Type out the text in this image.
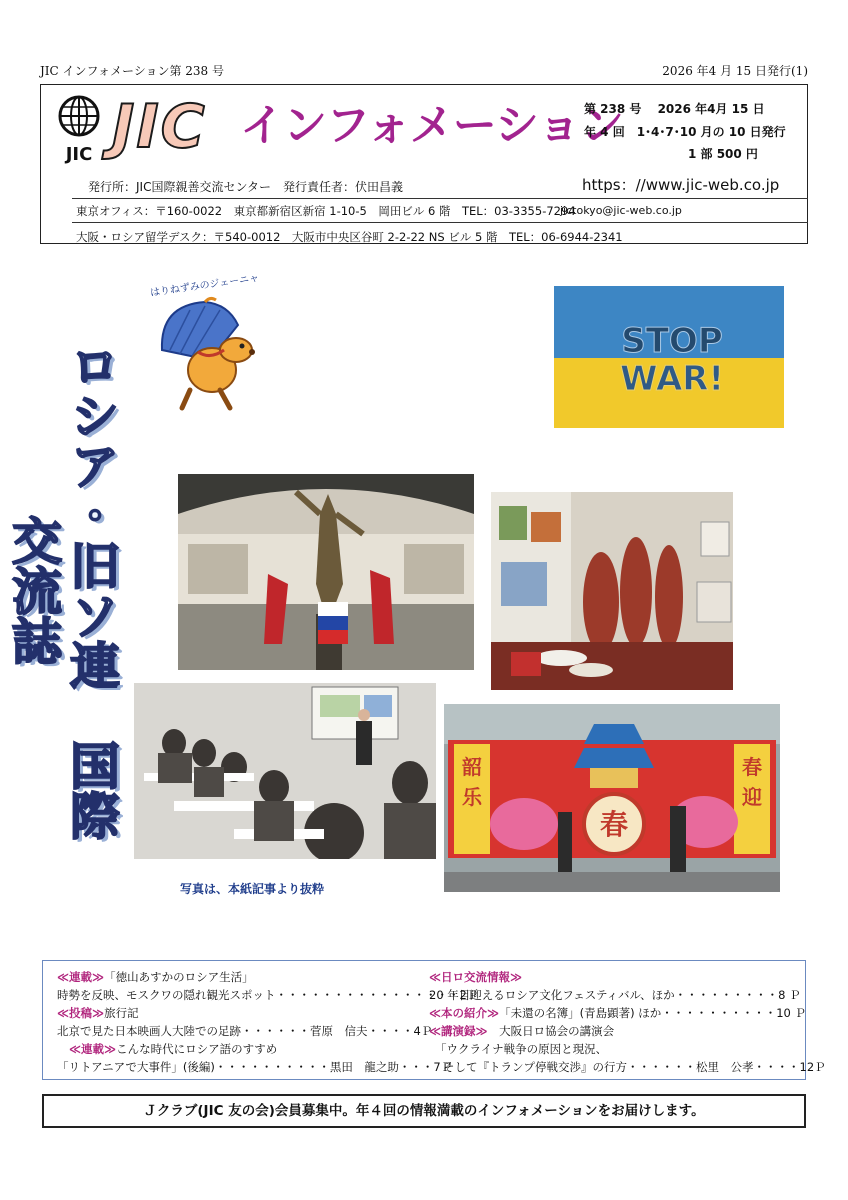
JIC インフォメーション第 238 号	2026 年4 月 15 日発行(1)
JIC JIC インフォメーション
第 238 号　 2026 年4月 15 日
年 4 回　1･4･7･10 月の 10 日発行
1 部 500 円
発行所：JIC国際親善交流センター　発行責任者：伏田昌義	https：//www.jic-web.co.jp
東京オフィス：〒160-0022　東京都新宿区新宿 1-10-5　岡田ビル 6 階　TEL：03-3355-7294
jictokyo@jic-web.co.jp
大阪・ロシア留学デスク：〒540-0012　大阪市中央区谷町 2-2-22 NS ビル 5 階　TEL：06-6944-2341
はりねずみのジェーニャ
ロシア・旧ソ連　国際交流誌
STOP
WAR!
韶
乐
春
迎
春
写真は、本紙記事より抜粋
≪連載≫「徳山あすかのロシア生活」
時勢を反映、モスクワの隠れ観光スポット・・・・・・・・・・・・・・・・2Ｐ
≪投稿≫旅行記
北京で見た日本映画人大陸での足跡・・・・・・菅原　信夫・・・・4Ｐ
≪連載≫こんな時代にロシア語のすすめ
「リトアニアで大事件」(後編)・・・・・・・・・・黒田　龍之助・・・7Ｐ
≪日ロ交流情報≫
20 年目迎えるロシア文化フェスティバル、ほか・・・・・・・・・8 Ｐ
≪本の紹介≫「未還の名簿」(青島顕著) ほか・・・・・・・・・・10 Ｐ
≪講演録≫　 大阪日ロ協会の講演会
「ウクライナ戦争の原因と現況、
そして『トランプ停戦交渉』の行方・・・・・・松里　公孝・・・・12Ｐ
Ｊクラブ(JIC 友の会)会員募集中。年４回の情報満載のインフォメーションをお届けします。
